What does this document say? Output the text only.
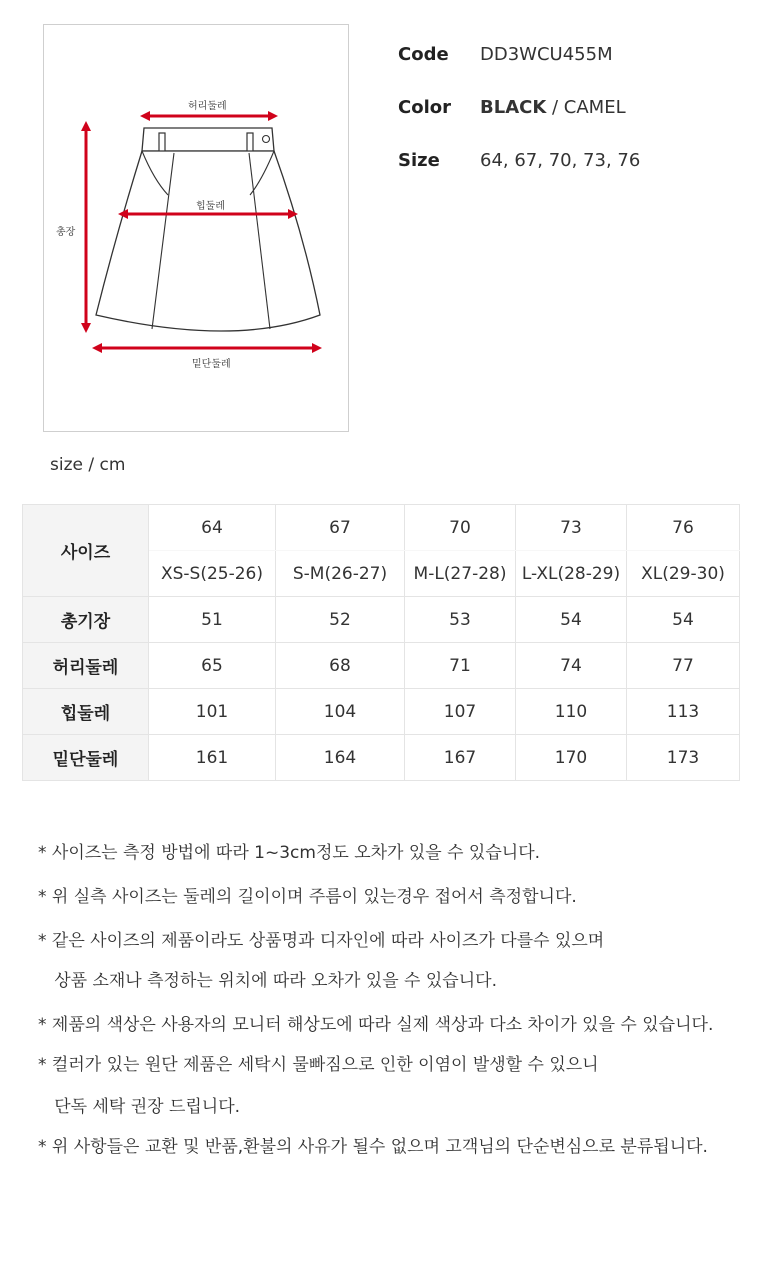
허리둘레
힙둘레
총장
밑단둘레
Code DD3WCU455M
Color BLACK / CAMEL
Size 64, 67, 70, 73, 76
size / cm
사이즈	64	67	70	73	76
	XS-S(25-26)	S-M(26-27)	M-L(27-28)	L-XL(28-29)	XL(29-30)
총기장	51	52	53	54	54
허리둘레	65	68	71	74	77
힙둘레	101	104	107	110	113
밑단둘레	161	164	167	170	173
* 사이즈는 측정 방법에 따라 1~3cm정도 오차가 있을 수 있습니다.
* 위 실측 사이즈는 둘레의 길이이며 주름이 있는경우 접어서 측정합니다.
* 같은 사이즈의 제품이라도 상품명과 디자인에 따라 사이즈가 다를수 있으며
상품 소재나 측정하는 위치에 따라 오차가 있을 수 있습니다.
* 제품의 색상은 사용자의 모니터 해상도에 따라 실제 색상과 다소 차이가 있을 수 있습니다.
* 컬러가 있는 원단 제품은 세탁시 물빠짐으로 인한 이염이 발생할 수 있으니
단독 세탁 권장 드립니다.
* 위 사항들은 교환 및 반품,환불의 사유가 될수 없으며 고객님의 단순변심으로 분류됩니다.
